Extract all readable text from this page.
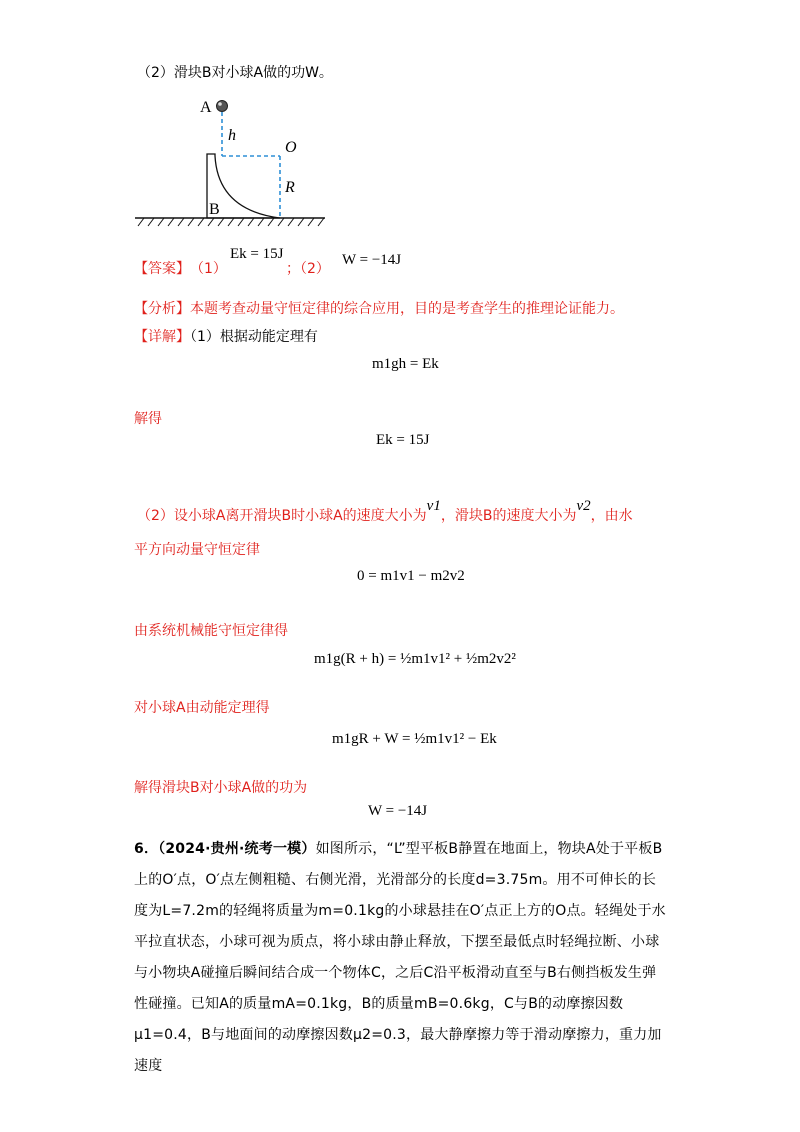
（2）滑块B对小球A做的功W。
A
h
O
R
B
【答案】 （1）
Ek = 15J
；（2）
W = −14J
【分析】本题考查动量守恒定律的综合应用，目的是考查学生的推理论证能力。
【详解】（1）根据动能定理有
m1gh = Ek
解得
Ek = 15J
（2）设小球A离开滑块B时小球A的速度大小为v1，滑块B的速度大小为v2，由水
平方向动量守恒定律
0 = m1v1 − m2v2
由系统机械能守恒定律得
m1g(R + h) = ½m1v1² + ½m2v2²
对小球A由动能定理得
m1gR + W = ½m1v1² − Ek
解得滑块B对小球A做的功为
W = −14J
6．（2024·贵州·统考一模）如图所示，“L”型平板B静置在地面上，物块A处于平板B上的O′点，O′点左侧粗糙、右侧光滑，光滑部分的长度d=3.75m。用不可伸长的长度为L=7.2m的轻绳将质量为m=0.1kg的小球悬挂在O′点正上方的O点。轻绳处于水平拉直状态，小球可视为质点，将小球由静止释放，下摆至最低点时轻绳拉断、小球与小物块A碰撞后瞬间结合成一个物体C，之后C沿平板滑动直至与B右侧挡板发生弹性碰撞。已知A的质量mA=0.1kg，B的质量mB=0.6kg，C与B的动摩擦因数μ1=0.4，B与地面间的动摩擦因数μ2=0.3，最大静摩擦力等于滑动摩擦力，重力加速度
